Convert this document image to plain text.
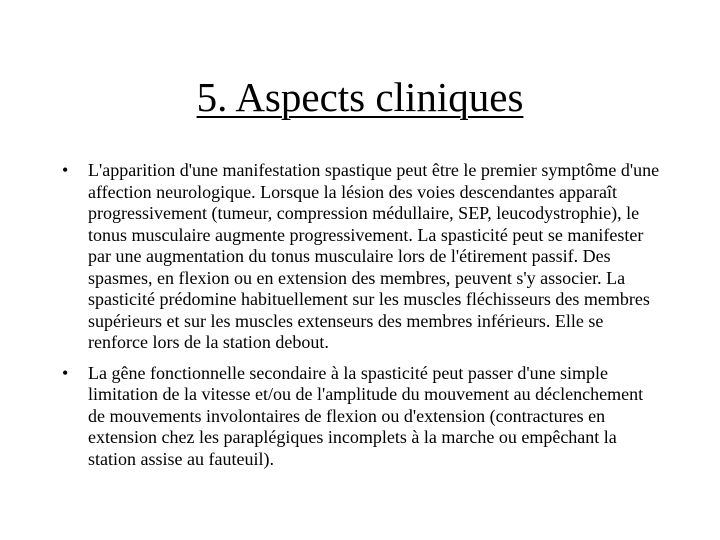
5. Aspects cliniques
• L'apparition d'une manifestation spastique peut être le premier symptôme d'une affection neurologique. Lorsque la lésion des voies descendantes apparaît progressivement (tumeur, compression médullaire, SEP, leucodystrophie), le tonus musculaire augmente progressivement. La spasticité peut se manifester par une augmentation du tonus musculaire lors de l'étirement passif. Des spasmes, en flexion ou en extension des membres, peuvent s'y associer. La spasticité prédomine habituellement sur les muscles fléchisseurs des membres supérieurs et sur les muscles extenseurs des membres inférieurs. Elle se renforce lors de la station debout.
• La gêne fonctionnelle secondaire à la spasticité peut passer d'une simple limitation de la vitesse et/ou de l'amplitude du mouvement au déclenchement de mouvements involontaires de flexion ou d'extension (contractures en extension chez les paraplégiques incomplets à la marche ou empêchant la station assise au fauteuil).
